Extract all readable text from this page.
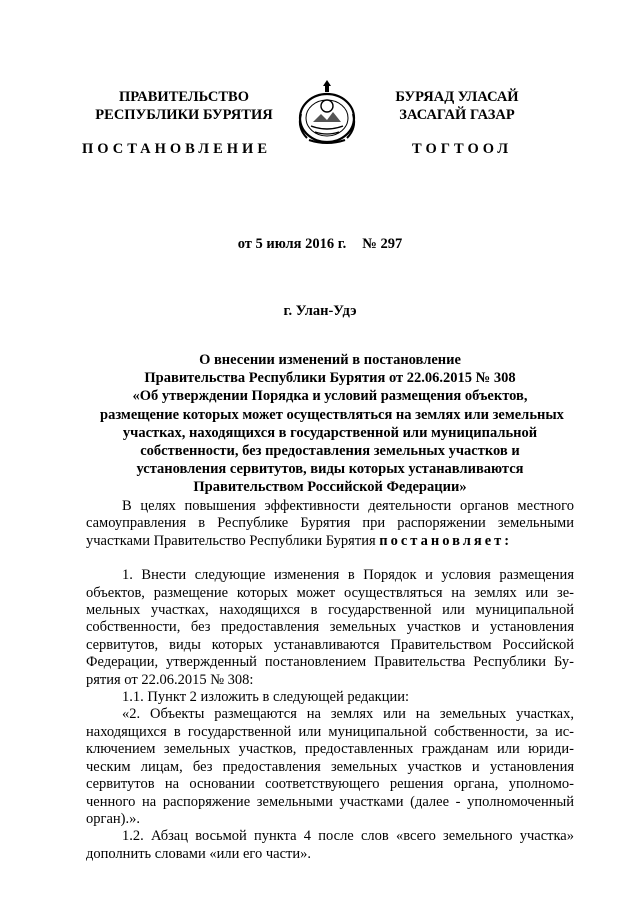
ПРАВИТЕЛЬСТВО
РЕСПУБЛИКИ БУРЯТИЯ
БУРЯАД УЛАСАЙ
ЗАСАГАЙ ГАЗАР
ПОСТАНОВЛЕНИЕ	ТОГТООЛ
от 5 июля 2016 г. № 297
г. Улан-Удэ
О внесении изменений в постановление
Правительства Республики Бурятия от 22.06.2015 № 308
«Об утверждении Порядка и условий размещения объектов,
размещение которых может осуществляться на землях или земельных
участках, находящихся в государственной или муниципальной
собственности, без предоставления земельных участков и
установления сервитутов, виды которых устанавливаются
Правительством Российской Федерации»
В целях повышения эффективности деятельности органов местного
самоуправления в Республике Бурятия при распоряжении земельными
участками Правительство Республики Бурятия постановляет:
1. Внести следующие изменения в Порядок и условия размещения
объектов, размещение которых может осуществляться на землях или зе-
мельных участках, находящихся в государственной или муниципальной
собственности, без предоставления земельных участков и установления
сервитутов, виды которых устанавливаются Правительством Российской
Федерации, утвержденный постановлением Правительства Республики Бу-
рятия от 22.06.2015 № 308:
1.1. Пункт 2 изложить в следующей редакции:
«2. Объекты размещаются на землях или на земельных участках,
находящихся в государственной или муниципальной собственности, за ис-
ключением земельных участков, предоставленных гражданам или юриди-
ческим лицам, без предоставления земельных участков и установления
сервитутов на основании соответствующего решения органа, уполномо-
ченного на распоряжение земельными участками (далее - уполномоченный
орган).».
1.2. Абзац восьмой пункта 4 после слов «всего земельного участка»
дополнить словами «или его части».
